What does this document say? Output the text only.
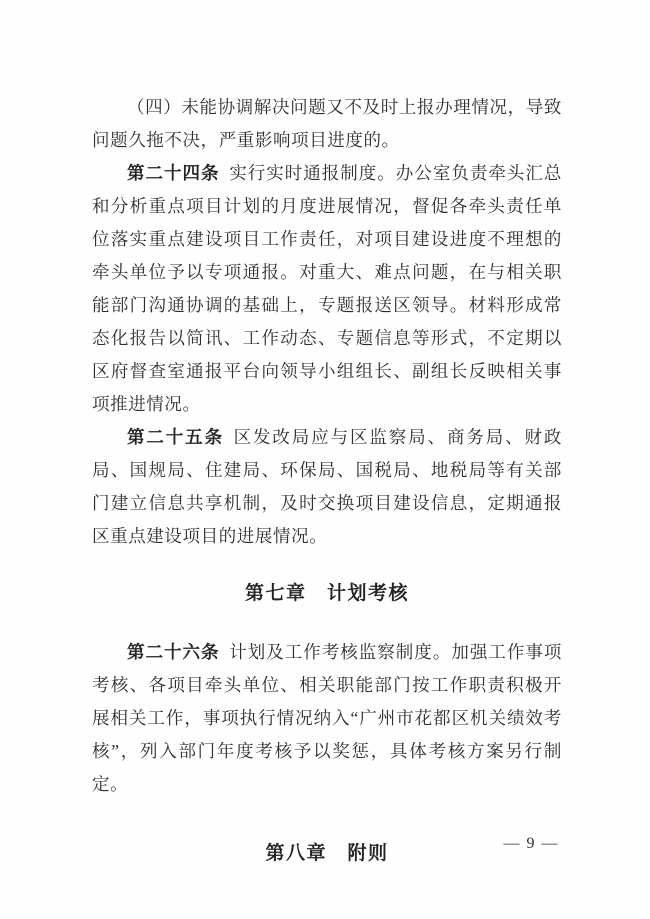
（四）未能协调解决问题又不及时上报办理情况，导致问题久拖不决，严重影响项目进度的。

第二十四条 实行实时通报制度。办公室负责牵头汇总和分析重点项目计划的月度进展情况，督促各牵头责任单位落实重点建设项目工作责任，对项目建设进度不理想的牵头单位予以专项通报。对重大、难点问题，在与相关职能部门沟通协调的基础上，专题报送区领导。材料形成常态化报告以简讯、工作动态、专题信息等形式，不定期以区府督查室通报平台向领导小组组长、副组长反映相关事项推进情况。

第二十五条 区发改局应与区监察局、商务局、财政局、国规局、住建局、环保局、国税局、地税局等有关部门建立信息共享机制，及时交换项目建设信息，定期通报区重点建设项目的进展情况。

第七章　计划考核

第二十六条 计划及工作考核监察制度。加强工作事项考核、各项目牵头单位、相关职能部门按工作职责积极开展相关工作，事项执行情况纳入“广州市花都区机关绩效考核”，列入部门年度考核予以奖惩，具体考核方案另行制定。

第八章　附则	— 9 —
